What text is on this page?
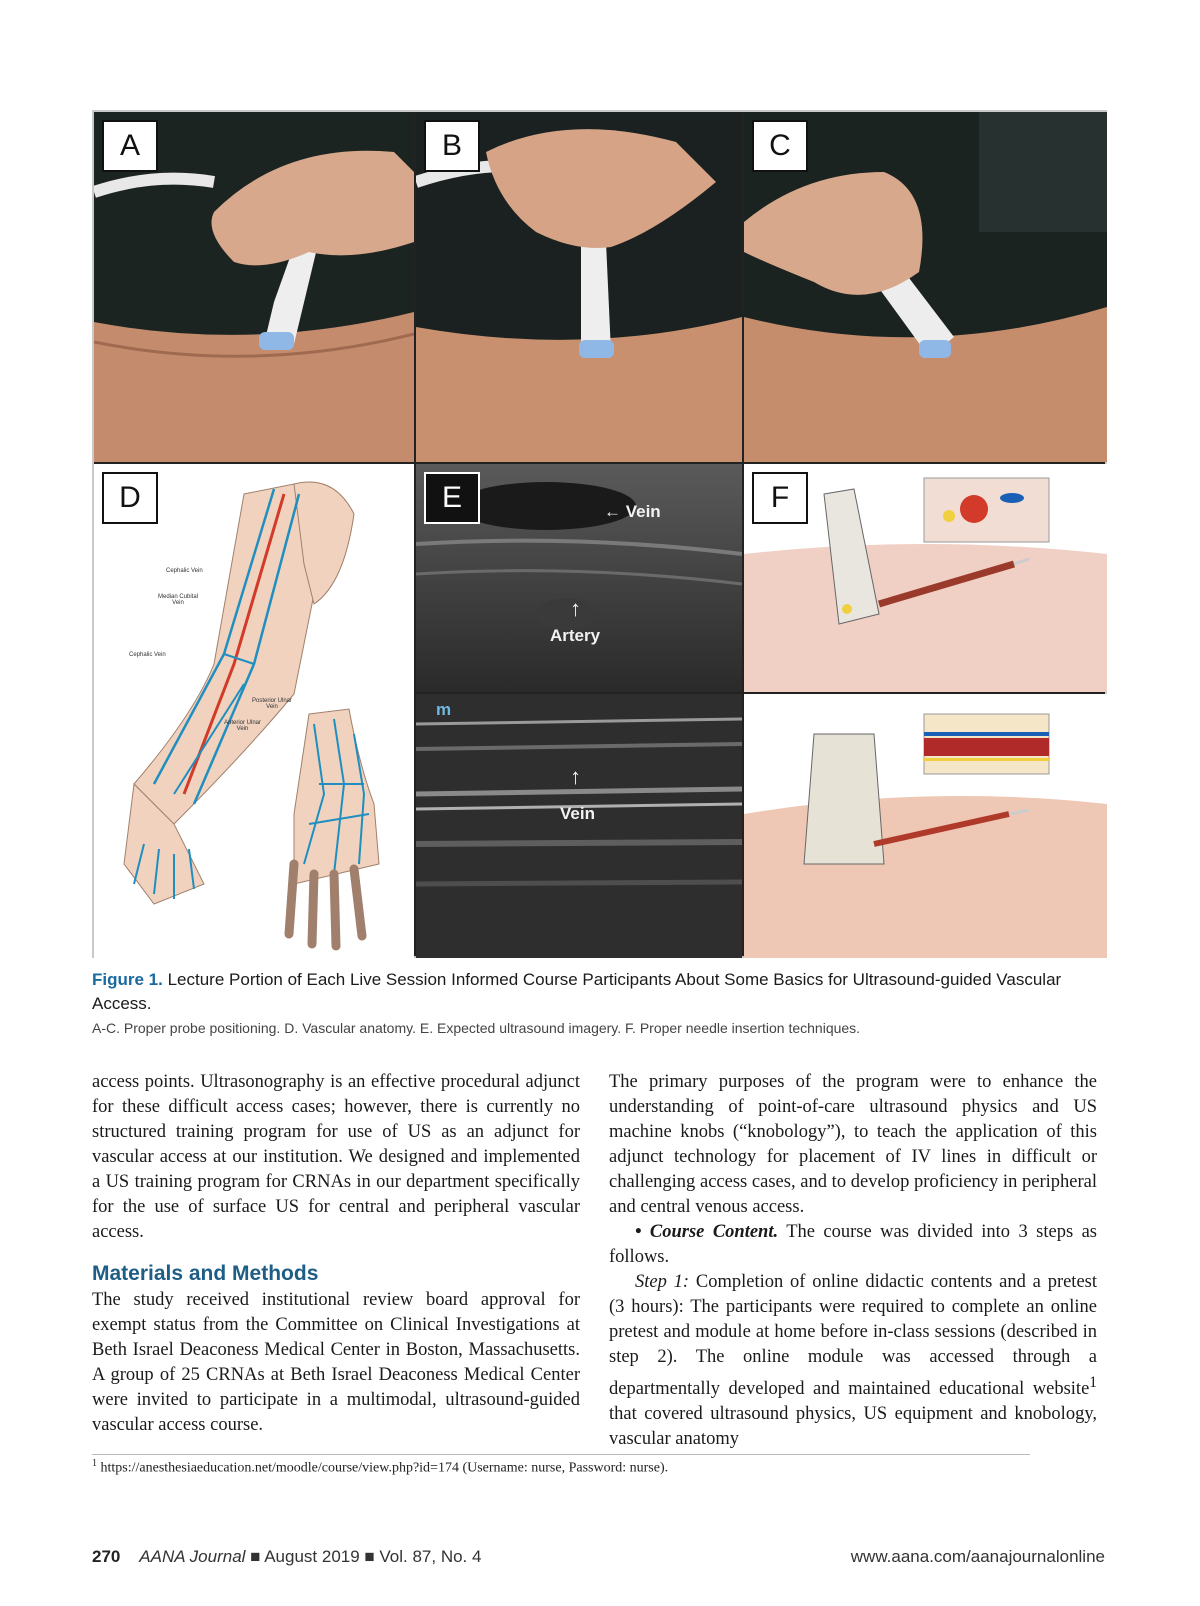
A	B	C
D
Cephalic Vein
Median Cubital
Vein
Cephalic Vein
Posterior Ulnar
Vein
Anterior Ulnar
Vein
E	← Vein
↑
Artery
m
↑
Vein
F
Figure 1. Lecture Portion of Each Live Session Informed Course Participants About Some Basics for Ultrasound-guided Vascular Access.
A-C. Proper probe positioning. D. Vascular anatomy. E. Expected ultrasound imagery. F. Proper needle insertion techniques.

access points. Ultrasonography is an effective procedural adjunct for these difficult access cases; however, there is currently no structured training program for use of US as an adjunct for vascular access at our institution. We designed and implemented a US training program for CRNAs in our department specifically for the use of surface US for central and peripheral vascular access.

Materials and Methods

The study received institutional review board approval for exempt status from the Committee on Clinical Investigations at Beth Israel Deaconess Medical Center in Boston, Massachusetts. A group of 25 CRNAs at Beth Israel Deaconess Medical Center were invited to participate in a multimodal, ultrasound-guided vascular access course.

The primary purposes of the program were to enhance the understanding of point-of-care ultrasound physics and US machine knobs (“knobology”), to teach the application of this adjunct technology for placement of IV lines in difficult or challenging access cases, and to develop proficiency in peripheral and central venous access.

• Course Content. The course was divided into 3 steps as follows.

Step 1: Completion of online didactic contents and a pretest (3 hours): The participants were required to complete an online pretest and module at home before in-class sessions (described in step 2). The online module was accessed through a departmentally developed and maintained educational website$^1$ that covered ultrasound physics, US equipment and knobology, vascular anatomy

$^1$ https://anesthesiaeducation.net/moodle/course/view.php?id=174 (Username: nurse, Password: nurse).
270 AANA Journal ■ August 2019 ■ Vol. 87, No. 4	www.aana.com/aanajournalonline
